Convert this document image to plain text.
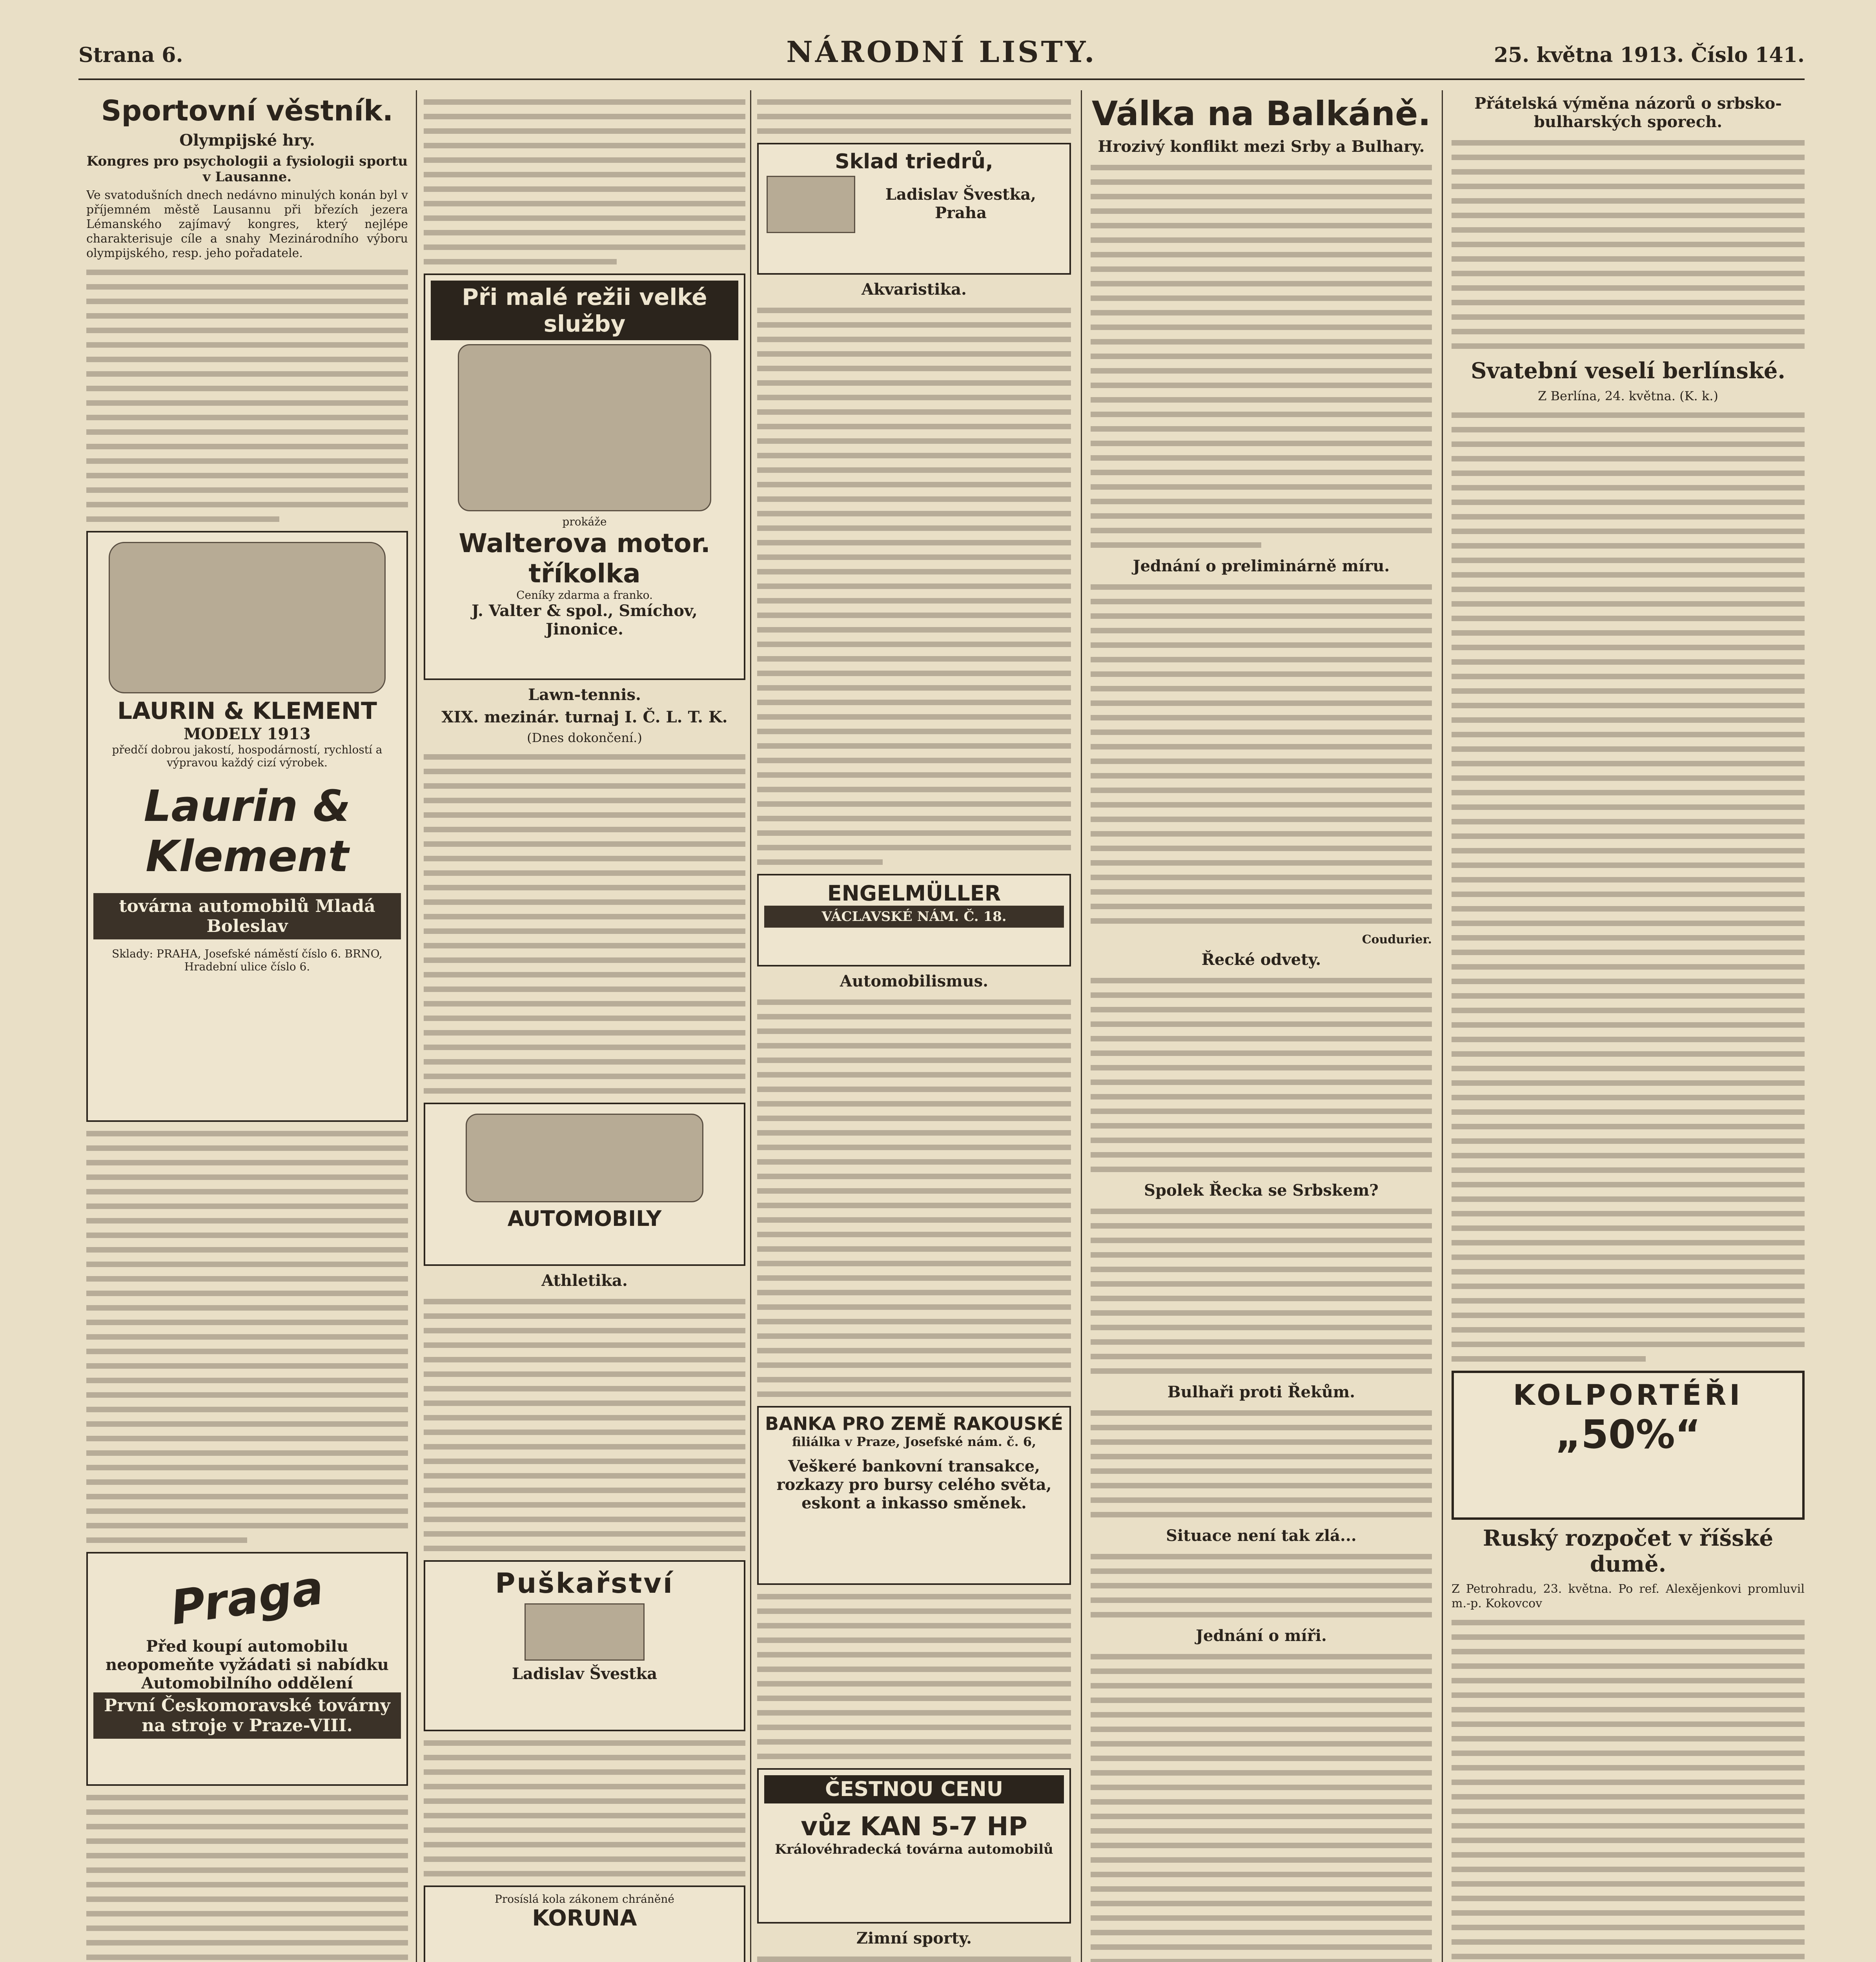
Strana 6.	NÁRODNÍ LISTY.	25. května 1913. Číslo 141.
Sportovní věstník.
Olympijské hry.
Kongres pro psychologii a fysiologii sportu v Lausanne.

Ve svatodušních dnech nedávno minulých konán byl v příjemném městě Lausannu při březích jezera Lémanského zajímavý kongres, který nejlépe charakterisuje cíle a snahy Mezinárodního výboru olympijského, resp. jeho pořadatele.

LAURIN & KLEMENT
MODELY 1913
předčí dobrou jakostí, hospodárností, rychlostí a výpravou každý cizí výrobek.
Laurin & Klement
továrna automobilů Mladá Boleslav
Sklady: PRAHA, Josefské náměstí číslo 6. BRNO, Hradební ulice číslo 6.
Praga
Před koupí automobilu neopomeňte vyžádati si nabídku
Automobilního oddělení
První Českomoravské továrny na stroje v Praze-VIII.
Při malé režii velké služby
prokáže
Walterova motor. tříkolka
Ceníky zdarma a franko.
J. Valter & spol., Smíchov, Jinonice.
Lawn-tennis.
XIX. mezinár. turnaj I. Č. L. T. K.
(Dnes dokončení.)
AUTOMOBILY
Athletika.
Puškařství
Ladislav Švestka
Prosíslá kola zákonem chráněné
KORUNA
Sklad triedrů,
Ladislav Švestka, Praha
Akvaristika.
ENGELMÜLLER
VÁCLAVSKÉ NÁM. Č. 18.
Automobilismus.
BANKA PRO ZEMĚ RAKOUSKÉ
filiálka v Praze, Josefské nám. č. 6,
Veškeré bankovní transakce, rozkazy pro bursy celého světa, eskont a inkasso směnek.
ČESTNOU CENU
vůz KAN 5-7 HP
Královéhradecká továrna automobilů
Zimní sporty.
Válka na Balkáně.
Hrozivý konflikt mezi Srby a Bulhary.
Jednání o preliminárně míru.
Coudurier.
Řecké odvety.
Spolek Řecka se Srbskem?
Bulhaři proti Řekům.
Situace není tak zlá...
Jednání o míři.
Přátelská výměna názorů o srbsko-bulharských sporech.
Svatební veselí berlínské.
Z Berlína, 24. května. (K. k.)
KOLPORTÉŘI
„50%“
Ruský rozpočet v říšské dumě.

Z Petrohradu, 23. května. Po ref. Alexějenkovi promluvil m.-p. Kokovcov
